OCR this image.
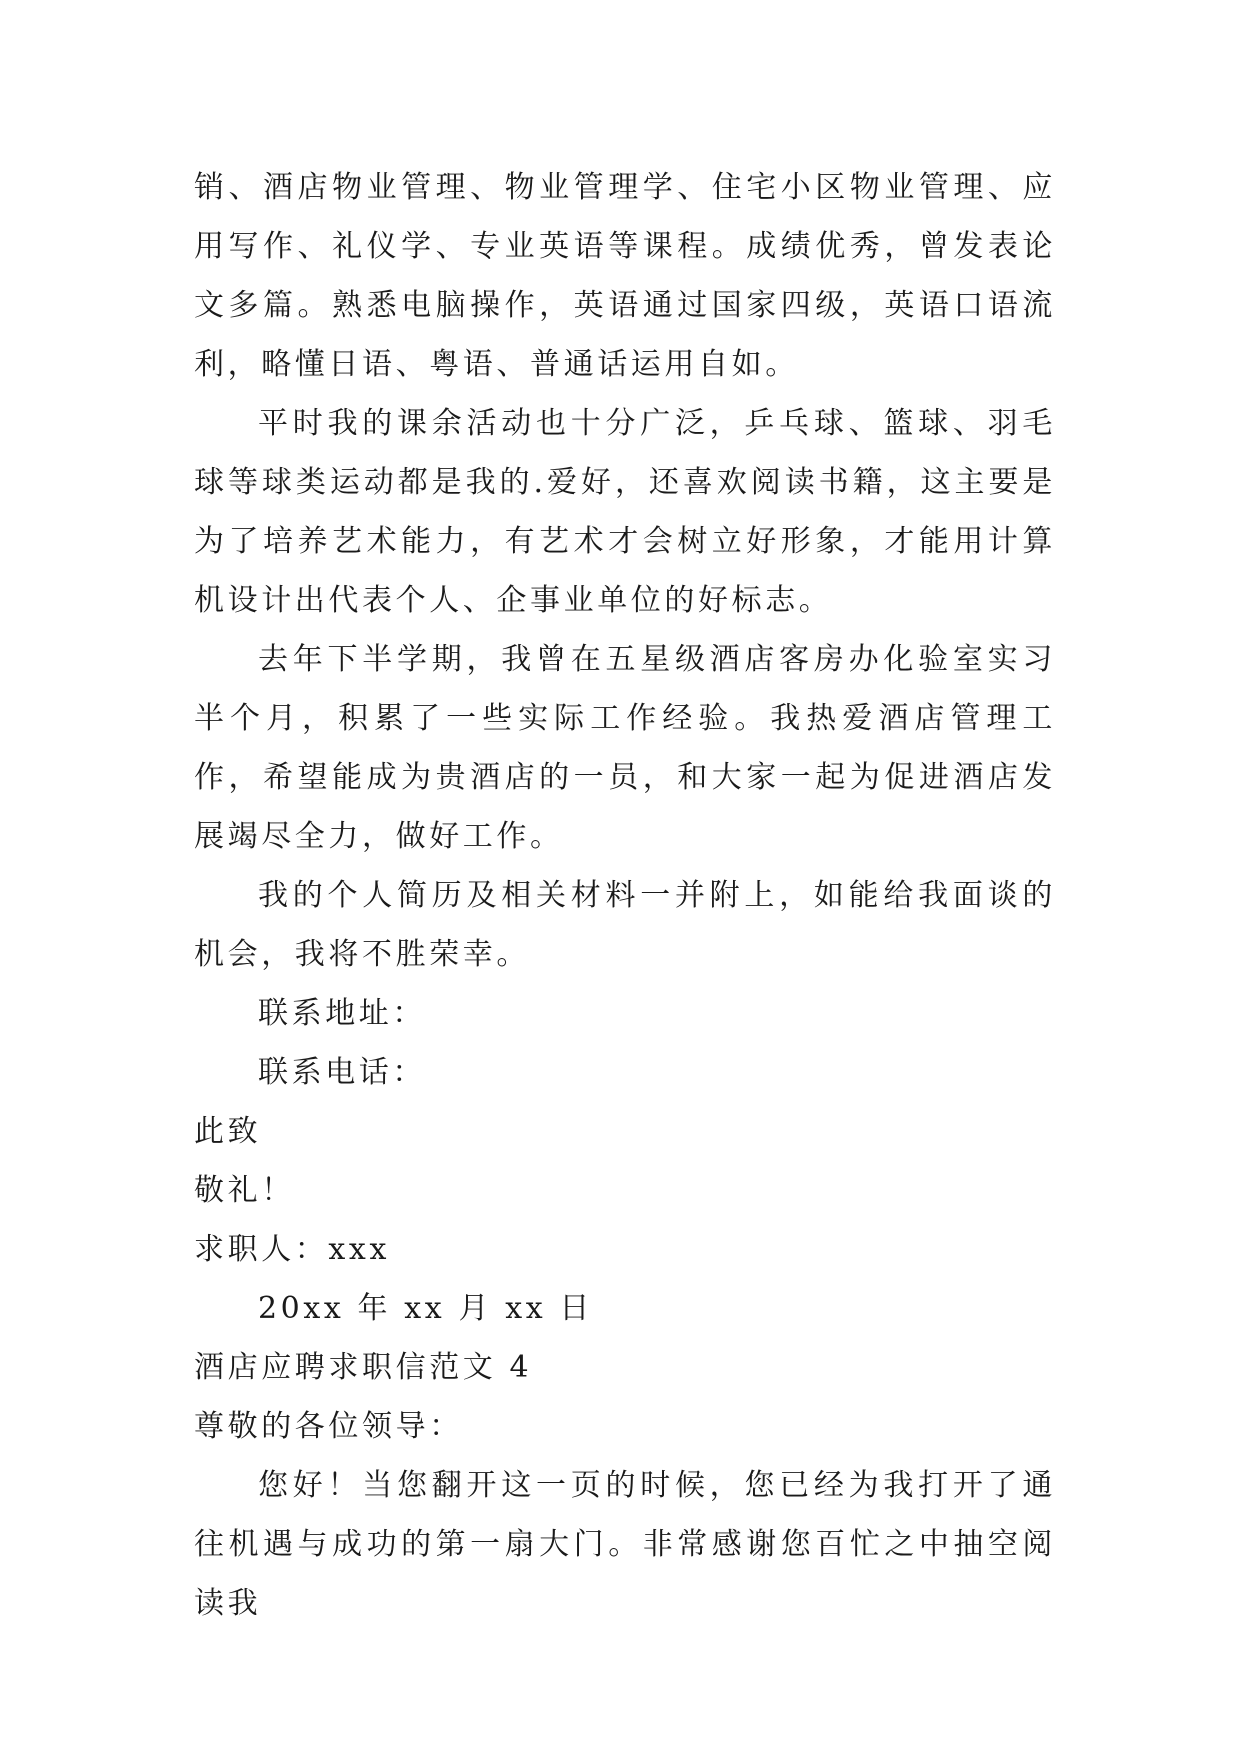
销、酒店物业管理、物业管理学、住宅小区物业管理、应用写作、礼仪学、专业英语等课程。成绩优秀，曾发表论文多篇。熟悉电脑操作，英语通过国家四级，英语口语流利，略懂日语、粤语、普通话运用自如。

平时我的课余活动也十分广泛，乒乓球、篮球、羽毛球等球类运动都是我的.爱好，还喜欢阅读书籍，这主要是为了培养艺术能力，有艺术才会树立好形象，才能用计算机设计出代表个人、企事业单位的好标志。

去年下半学期，我曾在五星级酒店客房办化验室实习半个月，积累了一些实际工作经验。我热爱酒店管理工作，希望能成为贵酒店的一员，和大家一起为促进酒店发展竭尽全力，做好工作。

我的个人简历及相关材料一并附上，如能给我面谈的机会，我将不胜荣幸。

联系地址：

联系电话：

此致

敬礼！

求职人：xxx

20xx 年 xx 月 xx 日

酒店应聘求职信范文 4

尊敬的各位领导：

您好！当您翻开这一页的时候，您已经为我打开了通往机遇与成功的第一扇大门。非常感谢您百忙之中抽空阅读我
